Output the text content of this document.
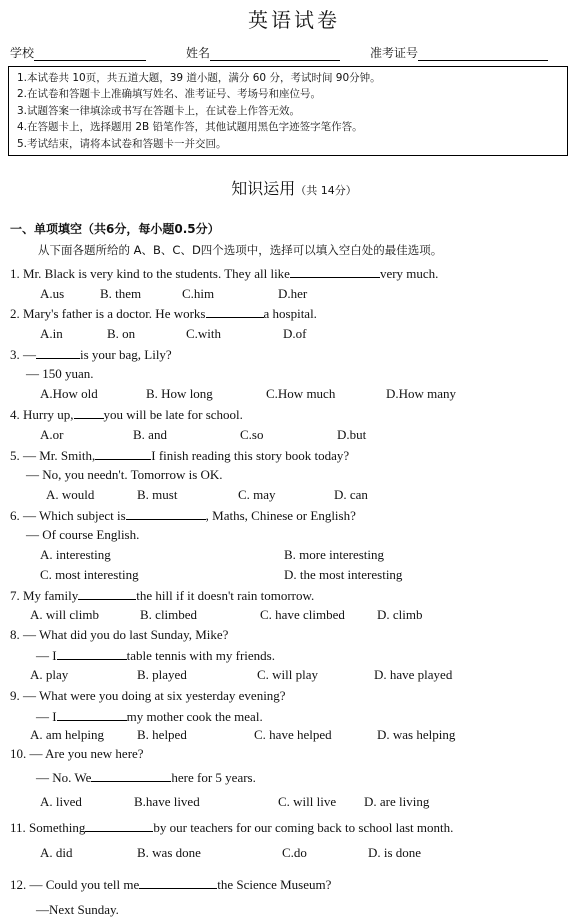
英语试卷
学校	姓名	准考证号
1.本试卷共 10页，共五道大题，39 道小题，满分 60 分，考试时间 90分钟。
2.在试卷和答题卡上准确填写姓名、准考证号、考场号和座位号。
3.试题答案一律填涂或书写在答题卡上，在试卷上作答无效。
4.在答题卡上，选择题用 2B 铅笔作答，其他试题用黑色字迹签字笔作答。
5.考试结束，请将本试卷和答题卡一并交回。
知识运用（共 14分）
一、单项填空（共6分，每小题0.5分）
从下面各题所给的 A、B、C、D四个选项中，选择可以填入空白处的最佳选项。
1. Mr. Black is very kind to the students. They all like	very much.
A.us	B. them	C.him	D.her
2. Mary's father is a doctor. He works	a hospital.
A.in	B. on	C.with	D.of
3. —	is your bag, Lily?
— 150 yuan.
A.How old	B. How long	C.How much	D.How many
4. Hurry up, you will be late for school.
A.or	B. and	C.so	D.but
5. — Mr. Smith,	I finish reading this story book today?
— No, you needn't. Tomorrow is OK.
A. would	B. must	C. may	D. can
6. — Which subject is	, Maths, Chinese or English?
— Of course English.
A. interesting	B. more interesting
C. most interesting	D. the most interesting
7. My family	the hill if it doesn't rain tomorrow.
A. will climb	B. climbed	C. have climbed D. climb
8. — What did you do last Sunday, Mike?
— I	table tennis with my friends.
A. play	B. played	C. will play	D. have played
9. — What were you doing at six yesterday evening?
— I	my mother cook the meal.
A. am helping	B. helped	C. have helped	D. was helping
10. — Are you new here?
— No. We	here for 5 years.
A. lived	B.have lived	C. will live D. are living
11. Something	by our teachers for our coming back to school last month.
A. did	B. was done	C.do	D. is done
12. — Could you tell me	the Science Museum?
—Next Sunday.
